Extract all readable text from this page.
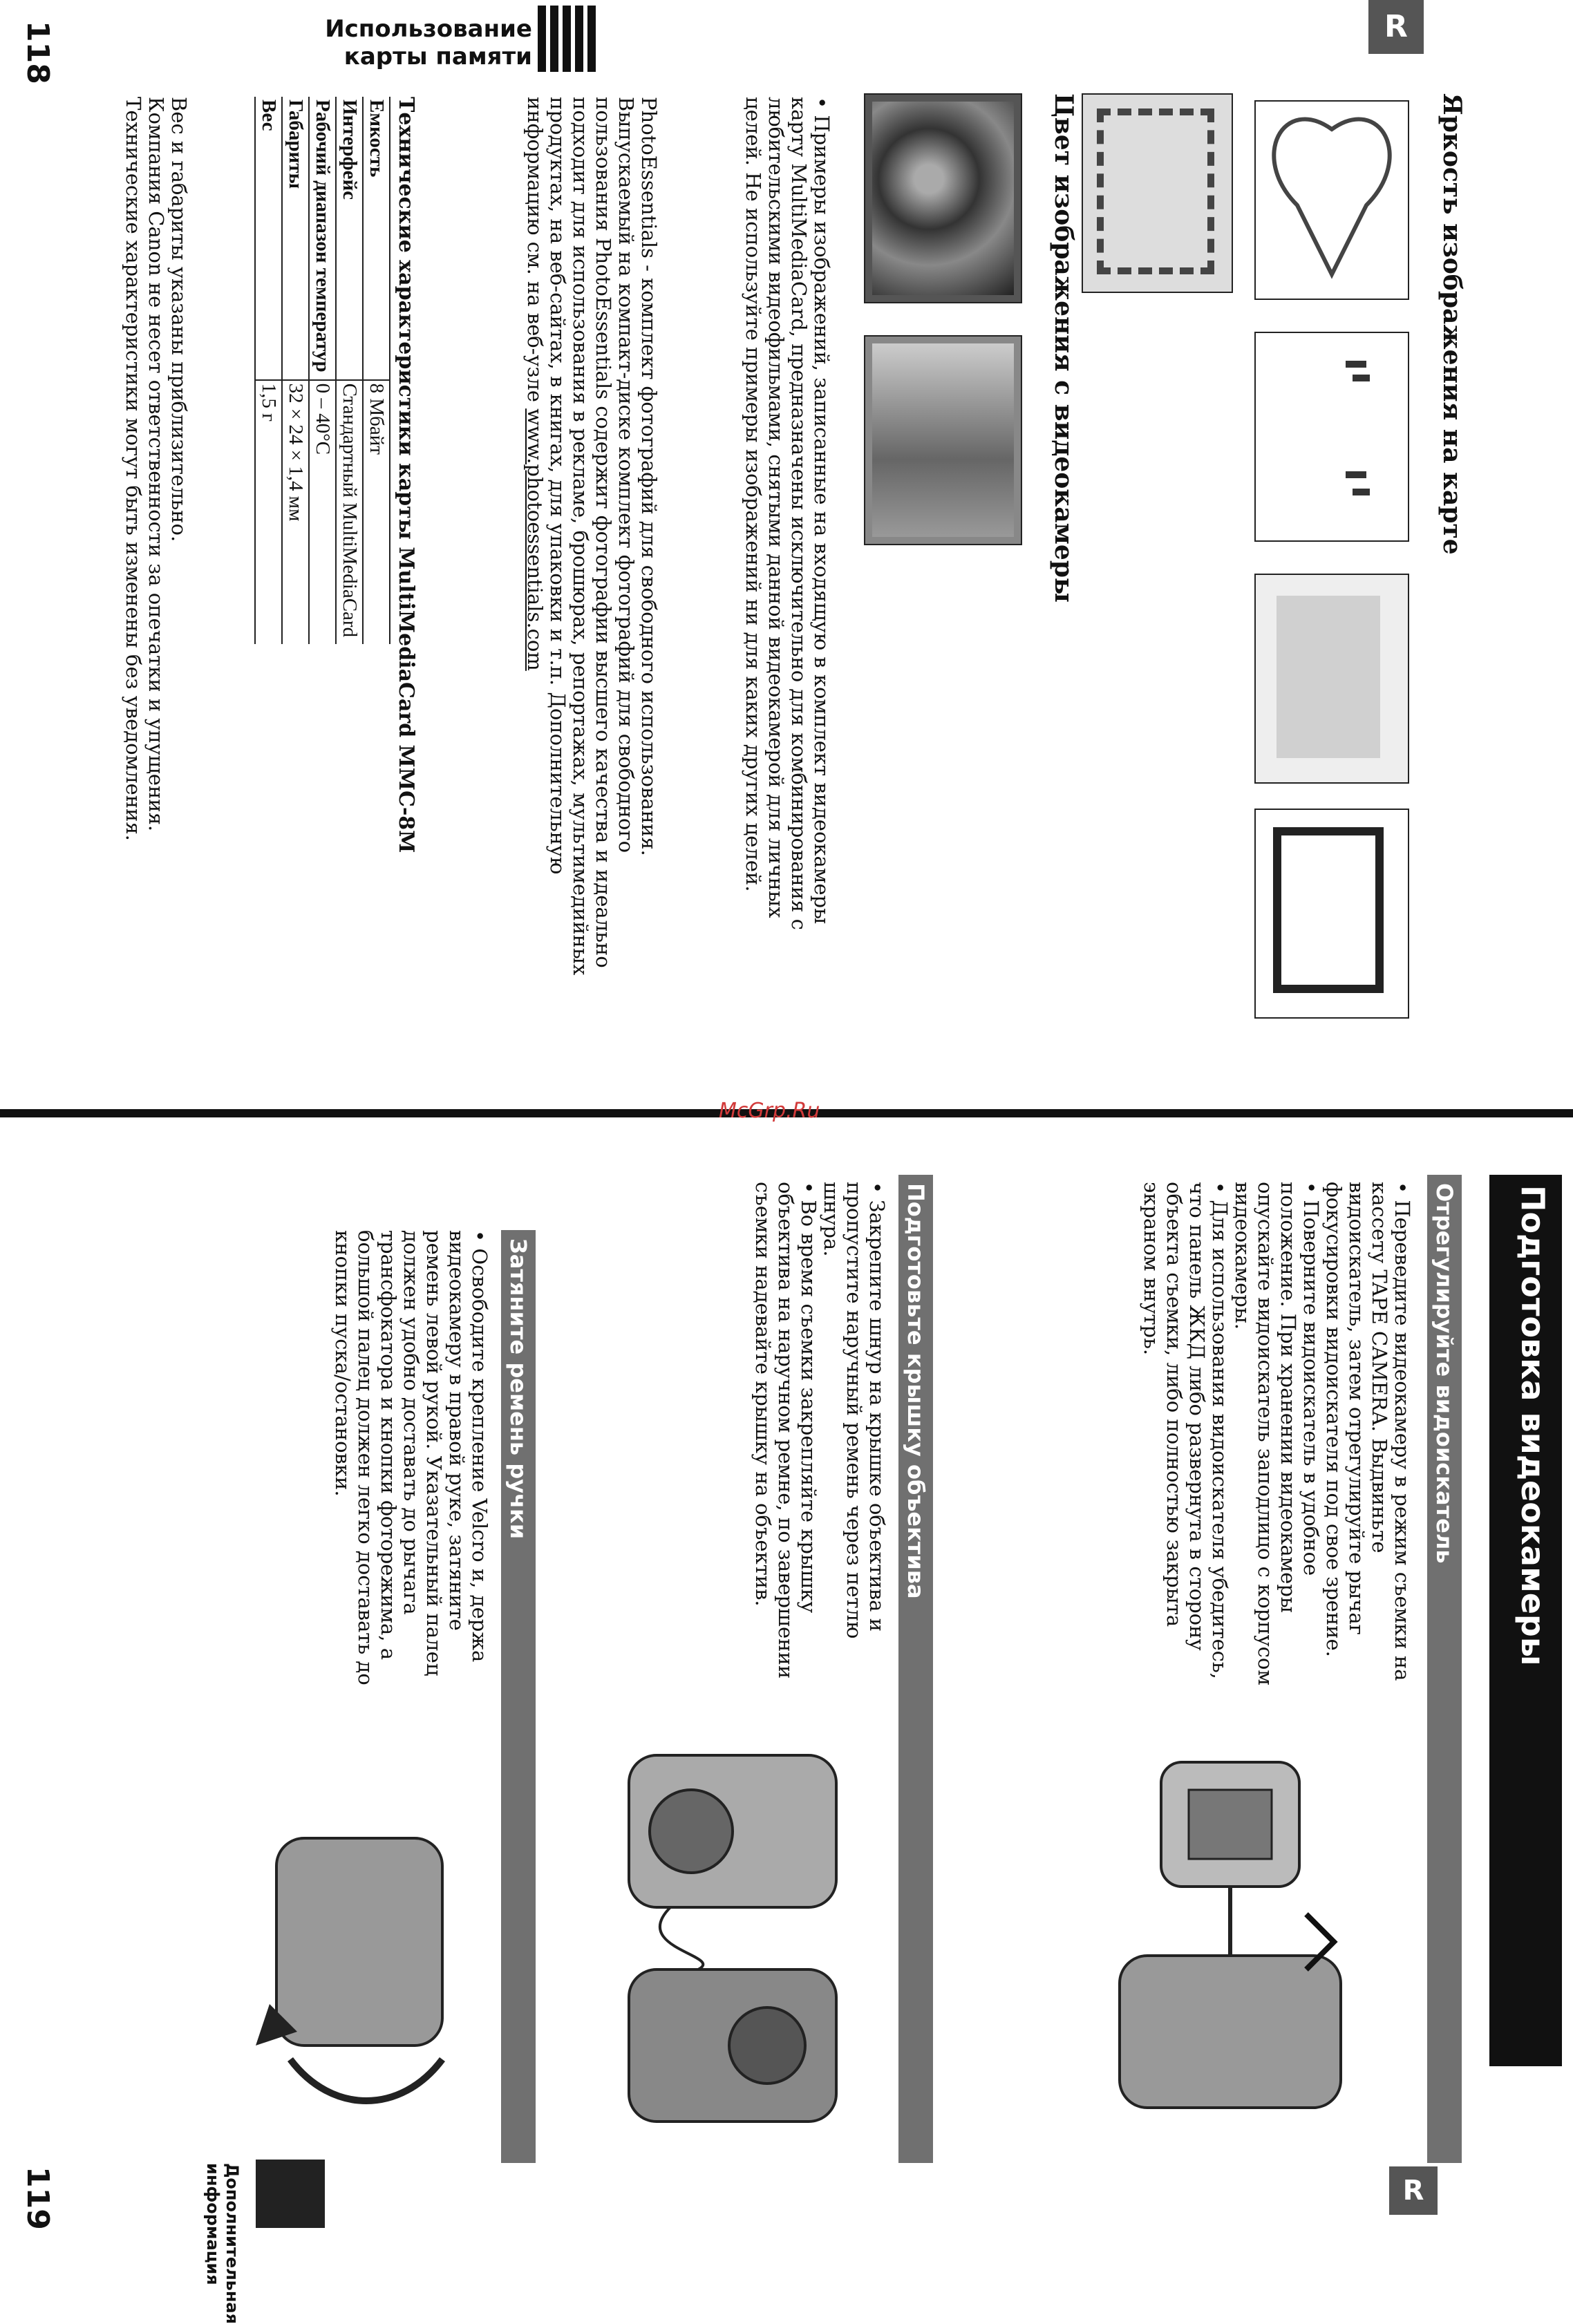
118	Использование
карты памяти
R
Яркость изображения на карте
Цвет изображения с видеокамеры
• Примеры изображений, записанные на входящую в комплект видеокамеры карту MultiMediaCard, предназначены исключительно для комбинирования с любительскими видеофильмами, снятыми данной видеокамерой для личных целей. Не используйте примеры изображений ни для каких других целей.
PhotoEssentials - комплект фотографий для свободного использования. Выпускаемый на компакт-диске комплект фотографий для свободного пользования PhotoEssentials содержит фотографии высшего качества и идеально подходит для использования в рекламе, брошюрах, репортажах, мультимедийных продуктах, на веб-сайтах, в книгах, для упаковки и т.п. Дополнительную информацию см. на веб-узле www.photoessentials.com
Технические характеристики карты MultiMediaCard MMC-8M
Емкость	8 Мбайт
Интерфейс	Стандартный MultiMediaCard
Рабочий диапазон температур	0 – 40°C
Габариты	32 × 24 × 1,4 мм
Вес	1,5 г
Вес и габариты указаны приблизительно.
Компания Canon не несет ответственности за опечатки и упущения.
Технические характеристики могут быть изменены без уведомления.
McGrp.Ru
Подготовка видеокамеры
R
Отрегулируйте видоискатель
• Переведите видеокамеру в режим съемки на кассету TAPE CAMERA. Выдвиньте видоискатель, затем отрегулируйте рычаг фокусировки видоискателя под свое зрение.
• Поверните видоискатель в удобное положение. При хранении видеокамеры опускайте видоискатель заподлицо с корпусом видеокамеры.
• Для использования видоискателя убедитесь, что панель ЖКД либо развернута в сторону объекта съемки, либо полностью закрыта экраном внутрь.
Подготовьте крышку объектива
• Закрепите шнур на крышке объектива и пропустите наручный ремень через петлю шнура.
• Во время съемки закрепляйте крышку объектива на наручном ремне, по завершении съемки надевайте крышку на объектив.
Затяните ремень ручки
• Освободите крепление Velcro и, держа видеокамеру в правой руке, затяните ремень левой рукой. Указательный палец должен удобно доставать до рычага трансфокатора и кнопки фоторежима, а большой палец должен легко доставать до кнопки пуска/остановки.
Дополнительная
информация
119
